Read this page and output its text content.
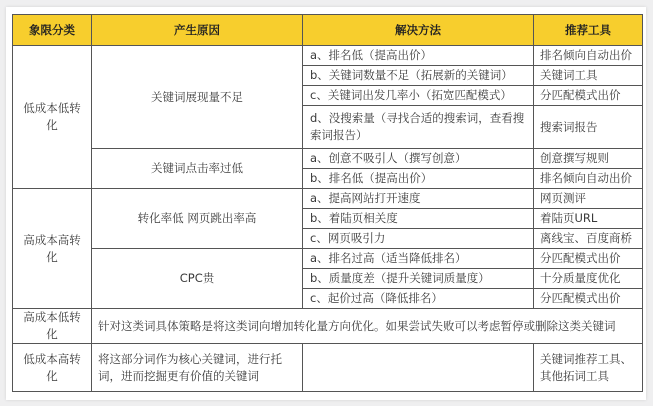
象限分类	产生原因	解决方法	推荐工具
低成本低转化	关键词展现量不足	a、排名低（提高出价）	排名倾向自动出价
		b、关键词数量不足（拓展新的关键词）	关键词工具
		c、关键词出发几率小（拓宽匹配模式）	分匹配模式出价
		d、没搜索量（寻找合适的搜索词，查看搜索词报告）	搜索词报告
	关键词点击率过低	a、创意不吸引人（撰写创意）	创意撰写规则
		b、排名低（提高出价）	排名倾向自动出价
高成本高转化	转化率低 网页跳出率高	a、提高网站打开速度	网页测评
		b、着陆页相关度	着陆页URL
		c、网页吸引力	离线宝、百度商桥
	CPC贵	a、排名过高（适当降低排名）	分匹配模式出价
		b、质量度差（提升关键词质量度）	十分质量度优化
		c、起价过高（降低排名）	分匹配模式出价
高成本低转化	针对这类词具体策略是将这类词向增加转化量方向优化。如果尝试失败可以考虑暂停或删除这类关键词		
低成本高转化	将这部分词作为核心关键词，进行托词，进而挖掘更有价值的关键词		关键词推荐工具、其他拓词工具
